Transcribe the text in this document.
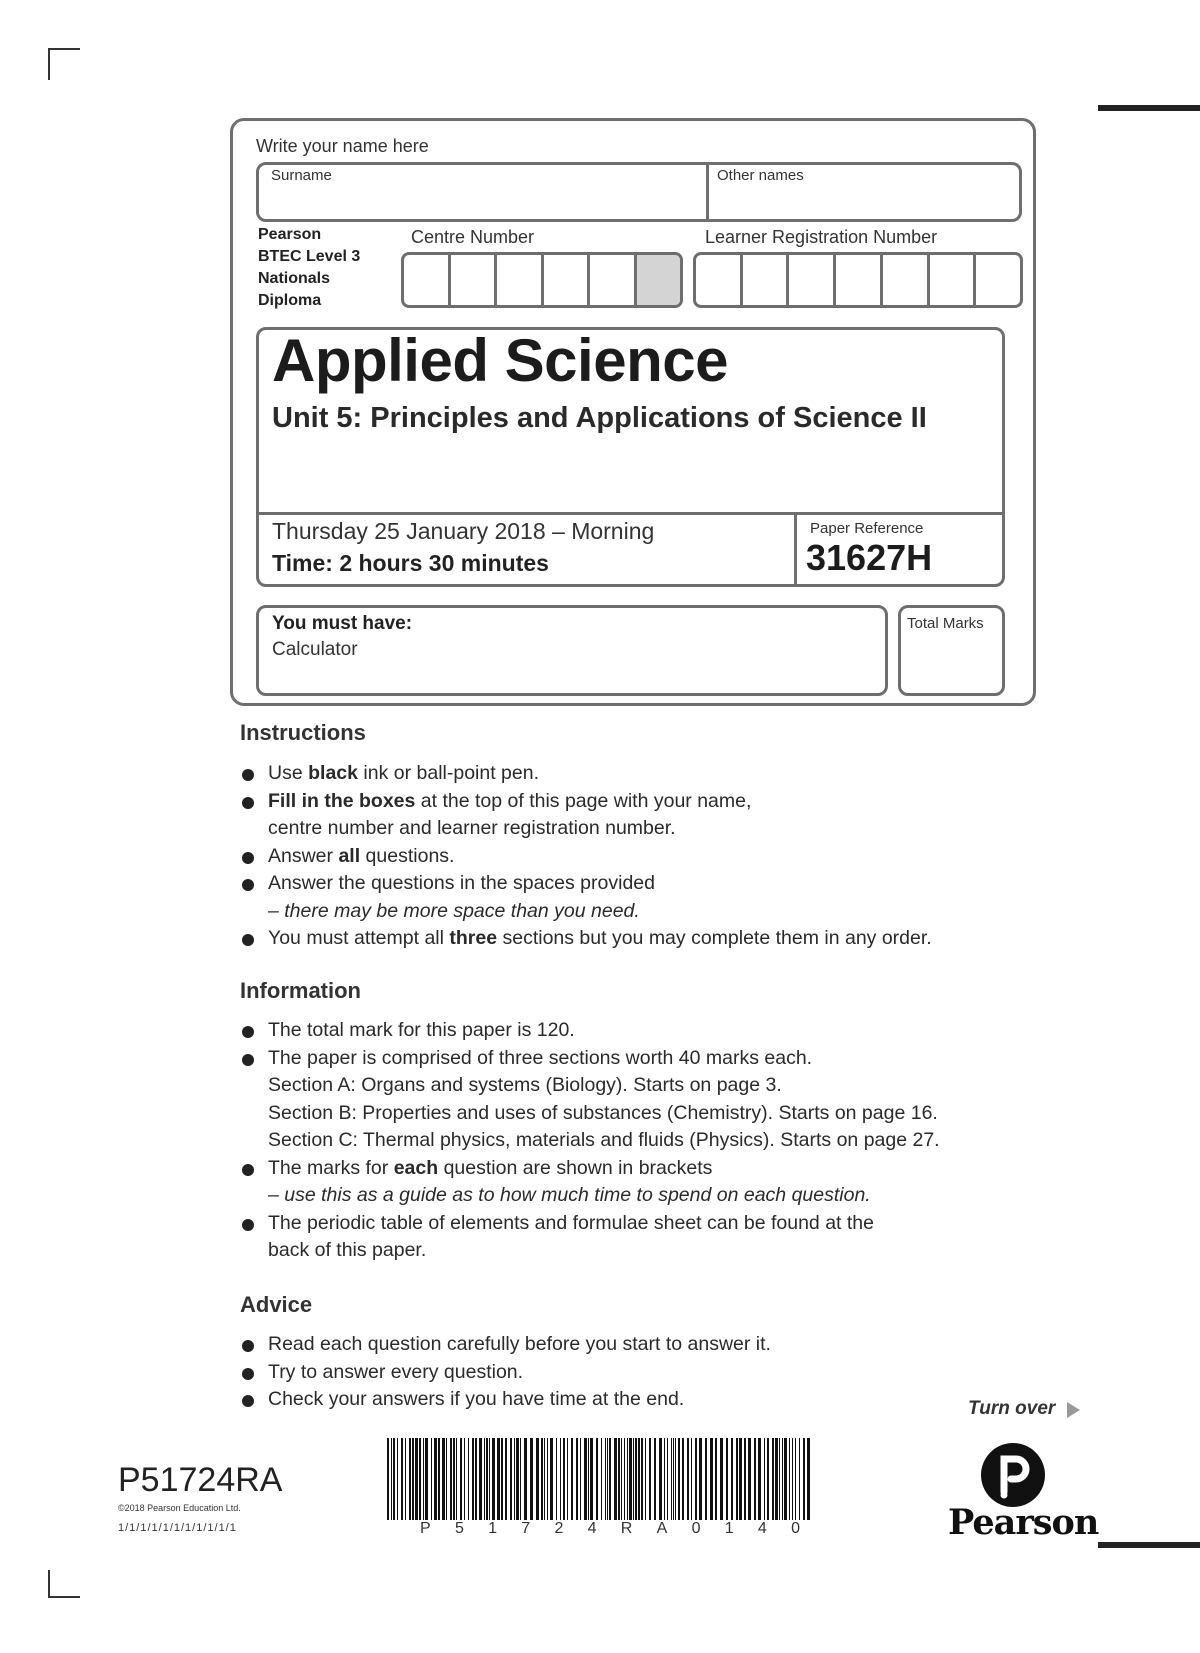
Write your name here
Surname	Other names
Pearson
BTEC Level 3
Nationals
Diploma
Centre Number	Learner Registration Number
Applied Science
Unit 5: Principles and Applications of Science II
Thursday 25 January 2018 – Morning
Time: 2 hours 30 minutes
Paper Reference
31627H
You must have:
Calculator
Total Marks
Instructions
Use black ink or ball-point pen.
Fill in the boxes at the top of this page with your name,
centre number and learner registration number.
Answer all questions.
Answer the questions in the spaces provided
– there may be more space than you need.
You must attempt all three sections but you may complete them in any order.
Information
The total mark for this paper is 120.
The paper is comprised of three sections worth 40 marks each.
Section A: Organs and systems (Biology). Starts on page 3.
Section B: Properties and uses of substances (Chemistry). Starts on page 16.
Section C: Thermal physics, materials and fluids (Physics). Starts on page 27.
The marks for each question are shown in brackets
– use this as a guide as to how much time to spend on each question.
The periodic table of elements and formulae sheet can be found at the
back of this paper.
Advice
Read each question carefully before you start to answer it.
Try to answer every question.
Check your answers if you have time at the end.	Turn over
P51724RA
©2018 Pearson Education Ltd.
1/1/1/1/1/1/1/1/1/1/1	P 5 1 7 2 4 R A 0 1 4 0	Pearson
